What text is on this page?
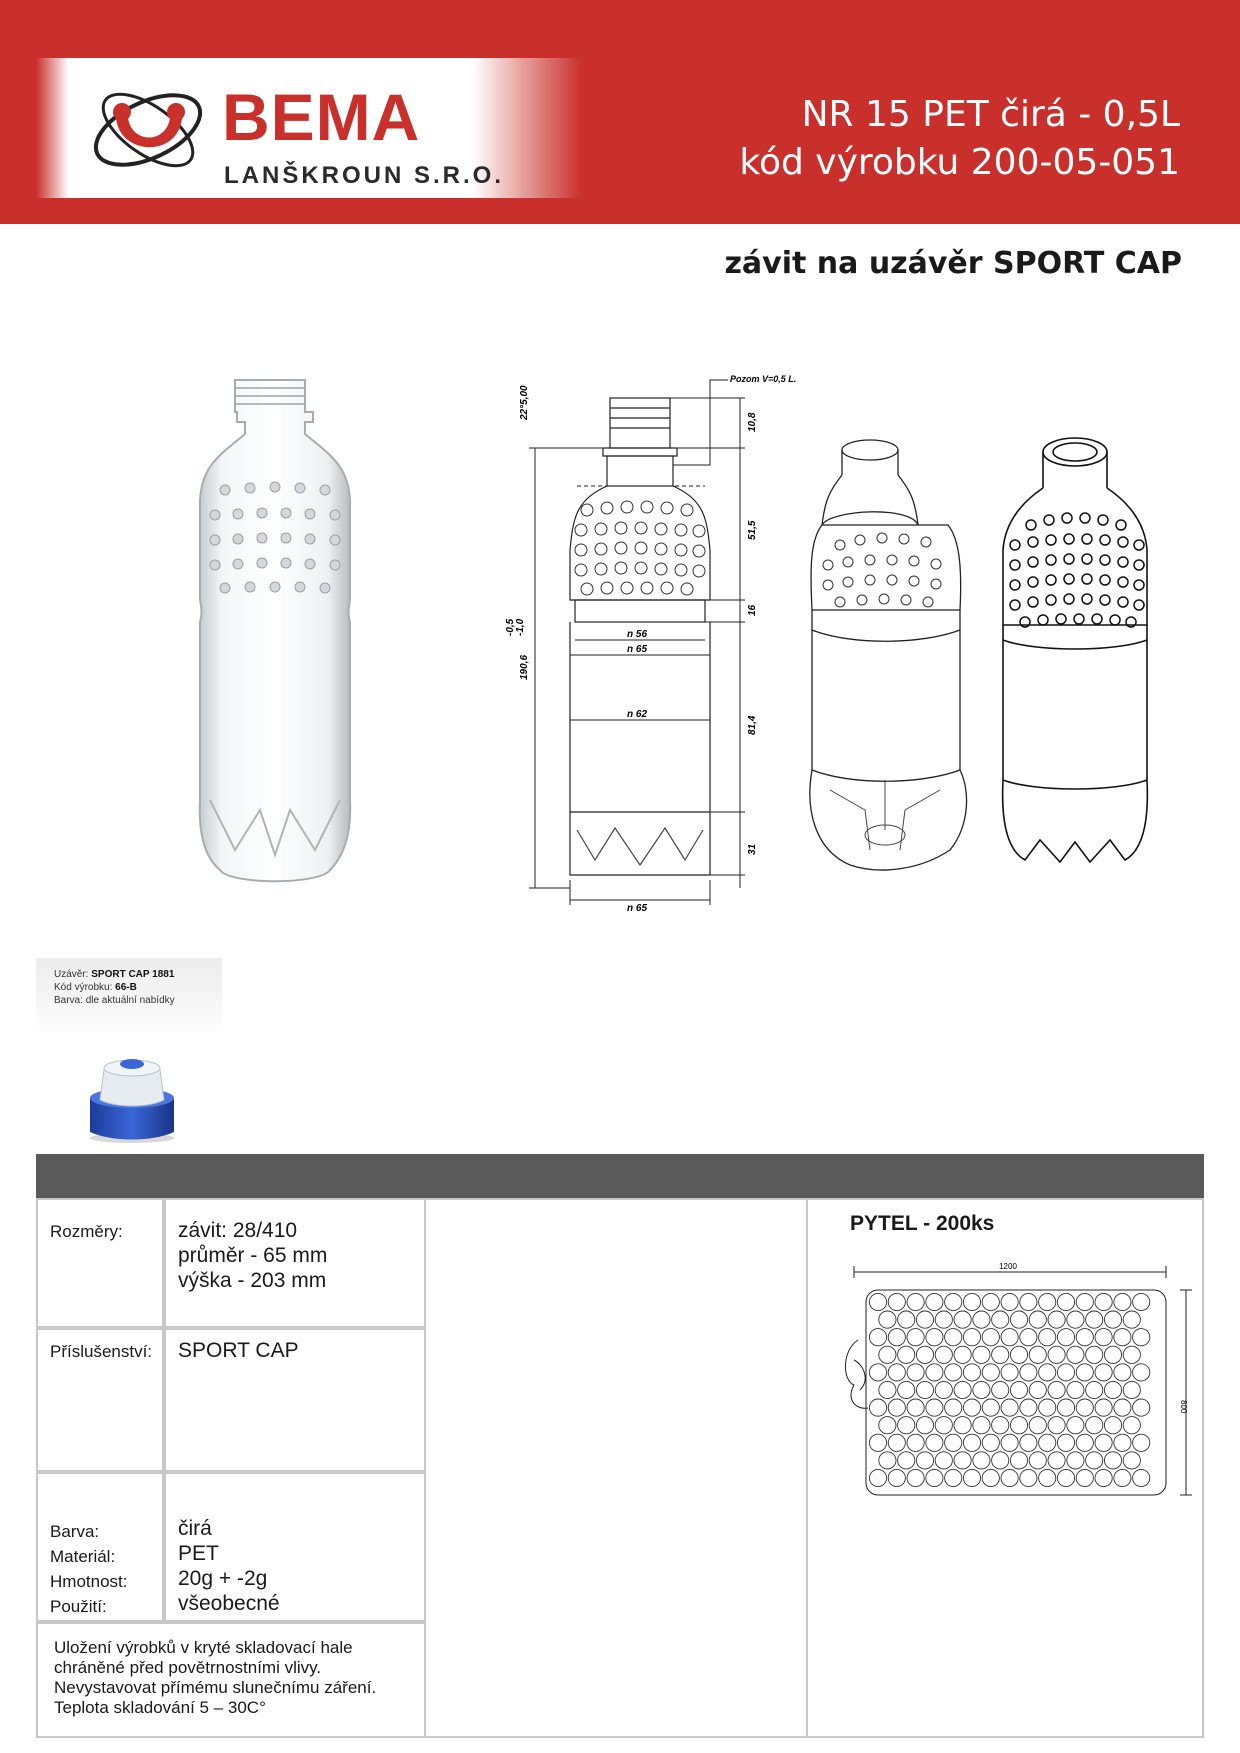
BEMA
LANŠKROUN S.R.O.
NR 15 PET čirá - 0,5L
kód výrobku 200-05-051
závit na uzávěr SPORT CAP
Pozom V=0,5 L.
22°5,00
10,8
51,5
16
190,6
-0,5 -1,0
81,4
31
n 56
n 65
n 62
n 65
Uzávěr: SPORT CAP 1881
Kód výrobku: 66-B
Barva: dle aktuální nabídky
Rozměry:	závit: 28/410
průměr - 65 mm
výška - 203 mm
Příslušenství: SPORT CAP
Barva:	čirá
Materiál:	PET
Hmotnost: 20g + -2g
Použití:	všeobecné
Uložení výrobků v kryté skladovací hale
chráněné před povětrnostními vlivy.
Nevystavovat přímému slunečnímu záření.
Teplota skladování 5 – 30C°
PYTEL - 200ks
1200
800
